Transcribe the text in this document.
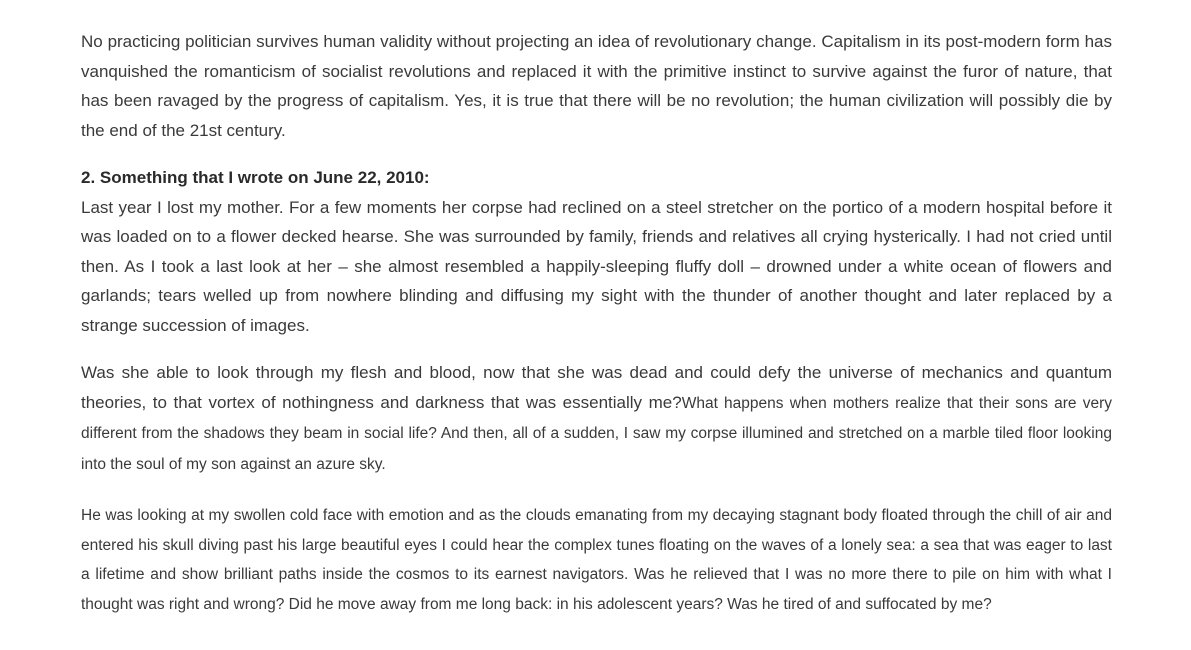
No practicing politician survives human validity without projecting an idea of revolutionary change. Capitalism in its post-modern form has vanquished the romanticism of socialist revolutions and replaced it with the primitive instinct to survive against the furor of nature, that has been ravaged by the progress of capitalism. Yes, it is true that there will be no revolution; the human civilization will possibly die by the end of the 21st century.

2. Something that I wrote on June 22, 2010:

Last year I lost my mother. For a few moments her corpse had reclined on a steel stretcher on the portico of a modern hospital before it was loaded on to a flower decked hearse. She was surrounded by family, friends and relatives all crying hysterically. I had not cried until then. As I took a last look at her – she almost resembled a happily-sleeping fluffy doll – drowned under a white ocean of flowers and garlands; tears welled up from nowhere blinding and diffusing my sight with the thunder of another thought and later replaced by a strange succession of images.

Was she able to look through my flesh and blood, now that she was dead and could defy the universe of mechanics and quantum theories, to that vortex of nothingness and darkness that was essentially me?What happens when mothers realize that their sons are very different from the shadows they beam in social life? And then, all of a sudden, I saw my corpse illumined and stretched on a marble tiled floor looking into the soul of my son against an azure sky.

He was looking at my swollen cold face with emotion and as the clouds emanating from my decaying stagnant body floated through the chill of air and entered his skull diving past his large beautiful eyes I could hear the complex tunes floating on the waves of a lonely sea: a sea that was eager to last a lifetime and show brilliant paths inside the cosmos to its earnest navigators. Was he relieved that I was no more there to pile on him with what I thought was right and wrong? Did he move away from me long back: in his adolescent years? Was he tired of and suffocated by me?
